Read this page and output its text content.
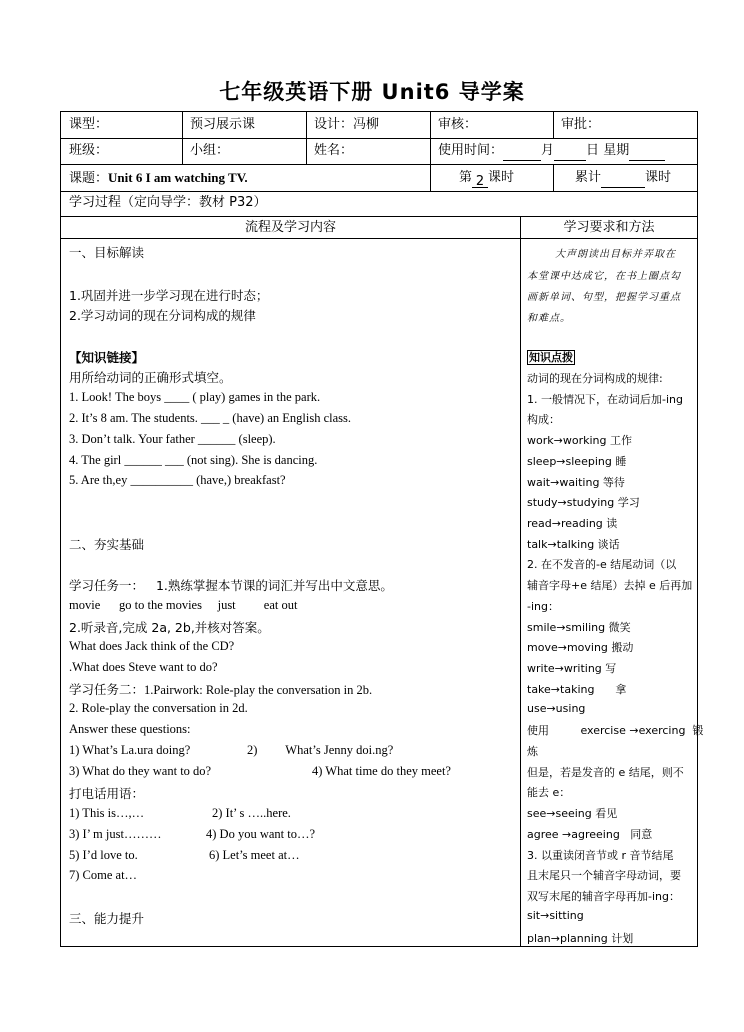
七年级英语下册 Unit6 导学案
课型：	预习展示课	设计：冯柳	审核：	审批：
班级：	小组：	姓名：	使用时间：	月 日 星期
课题：Unit 6 I am watching TV.	第 2 课时	累计	课时
学习过程（定向导学：教材 P32）
流程及学习内容	学习要求和方法
一、目标解读
1.巩固并进一步学习现在进行时态；
2.学习动词的现在分词构成的规律
【知识链接】
用所给动词的正确形式填空。
1. Look! The boys ____ ( play) games in the park.
2. It’s 8 am. The students. ___ _ (have) an English class.
3. Don’t talk. Your father ______ (sleep).
4. The girl ______ ___ (not sing). She is dancing.
5. Are th,ey __________ (have,) breakfast?
二、夯实基础
学习任务一： 1.熟练掌握本节课的词汇并写出中文意思。
movie      go to the movies     just         eat out
2.听录音,完成 2a, 2b,并核对答案。
What does Jack think of the CD?
.What does Steve want to do?
学习任务二：1.Pairwork: Role-play the conversation in 2b.
2. Role-play the conversation in 2d.
Answer these questions:
1) What’s La.ura doing?	2)         What’s Jenny doi.ng?
3) What do they want to do?	4) What time do they meet?
打电话用语：
1) This is…,…	2) It’ s …..here.
3) I’ m just………	4) Do you want to…?
5) I’d love to.	6) Let’s meet at…
7) Come at…
三、能力提升
大声朗读出目标并弄取在
本堂课中达成它，在书上圈点勾
画新单词、句型，把握学习重点
和难点。
知识点拨
动词的现在分词构成的规律:
1. 一般情况下，在动词后加-ing
构成：
work→working 工作
sleep→sleeping 睡
wait→waiting 等待
study→studying 学习
read→reading 读
talk→talking 谈话
2. 在不发音的-e 结尾动词（以
辅音字母+e 结尾）去掉 e 后再加
-ing：
smile→smiling 微笑
move→moving 搬动
write→writing 写
take→taking      拿
use→using
使用         exercise →exercing  锻
炼
但是，若是发音的 e 结尾，则不
能去 e：
see→seeing 看见
agree →agreeing   同意
3. 以重读闭音节或 r 音节结尾
且末尾只一个辅音字母动词，要
双写末尾的辅音字母再加-ing：
sit→sitting
plan→planning 计划
